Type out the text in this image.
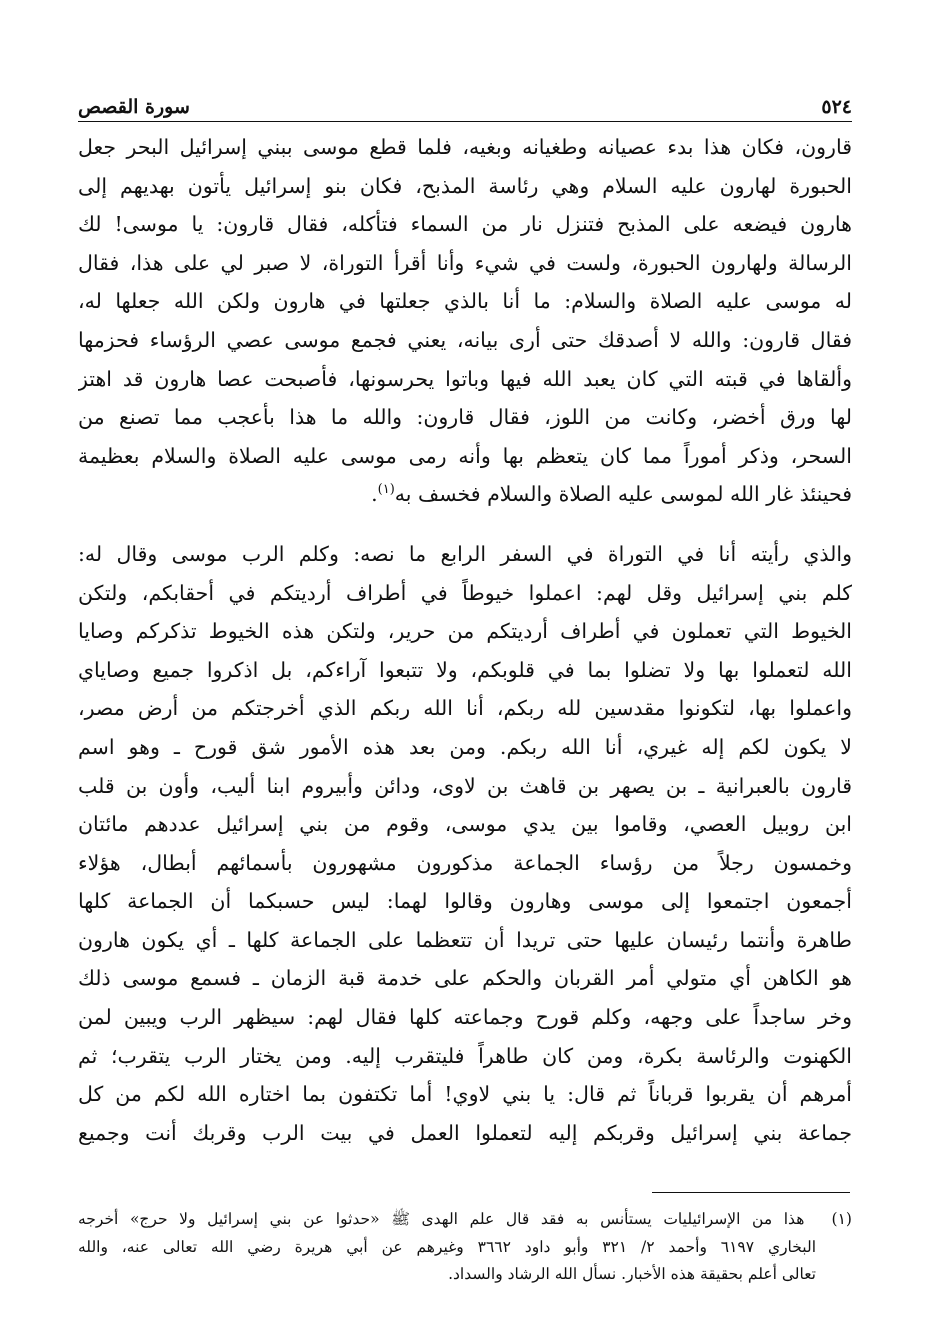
٥٢٤
سورة القصص
قارون، فكان هذا بدء عصيانه وطغيانه وبغيه، فلما قطع موسى ببني إسرائيل البحر جعل
الحبورة لهارون عليه السلام وهي رئاسة المذبح، فكان بنو إسرائيل يأتون بهديهم إلى
هارون فيضعه على المذبح فتنزل نار من السماء فتأكله، فقال قارون: يا موسى! لك
الرسالة ولهارون الحبورة، ولست في شيء وأنا أقرأ التوراة، لا صبر لي على هذا، فقال
له موسى عليه الصلاة والسلام: ما أنا بالذي جعلتها في هارون ولكن الله جعلها له،
فقال قارون: والله لا أصدقك حتى أرى بيانه، يعني فجمع موسى عصي الرؤساء فحزمها
وألقاها في قبته التي كان يعبد الله فيها وباتوا يحرسونها، فأصبحت عصا هارون قد اهتز
لها ورق أخضر، وكانت من اللوز، فقال قارون: والله ما هذا بأعجب مما تصنع من
السحر، وذكر أموراً مما كان يتعظم بها وأنه رمى موسى عليه الصلاة والسلام بعظيمة
فحينئذ غار الله لموسى عليه الصلاة والسلام فخسف به$^{(١)}$.
والذي رأيته أنا في التوراة في السفر الرابع ما نصه: وكلم الرب موسى وقال له:
كلم بني إسرائيل وقل لهم: اعملوا خيوطاً في أطراف أرديتكم في أحقابكم، ولتكن
الخيوط التي تعملون في أطراف أرديتكم من حرير، ولتكن هذه الخيوط تذكركم وصايا
الله لتعملوا بها ولا تضلوا بما في قلوبكم، ولا تتبعوا آراءكم، بل اذكروا جميع وصاياي
واعملوا بها، لتكونوا مقدسين لله ربكم، أنا الله ربكم الذي أخرجتكم من أرض مصر،
لا يكون لكم إله غيري، أنا الله ربكم. ومن بعد هذه الأمور شق قورح ـ وهو اسم
قارون بالعبرانية ـ بن يصهر بن قاهث بن لاوى، ودائن وأبيروم ابنا أليب، وأون بن قلب
ابن روبيل العصي، وقاموا بين يدي موسى، وقوم من بني إسرائيل عددهم مائتان
وخمسون رجلاً من رؤساء الجماعة مذكورون مشهورون بأسمائهم أبطال، هؤلاء
أجمعون اجتمعوا إلى موسى وهارون وقالوا لهما: ليس حسبكما أن الجماعة كلها
طاهرة وأنتما رئيسان عليها حتى تريدا أن تتعظما على الجماعة كلها ـ أي يكون هارون
هو الكاهن أي متولي أمر القربان والحكم على خدمة قبة الزمان ـ فسمع موسى ذلك
وخر ساجداً على وجهه، وكلم قورح وجماعته كلها فقال لهم: سيظهر الرب ويبين لمن
الكهنوت والرئاسة بكرة، ومن كان طاهراً فليتقرب إليه. ومن يختار الرب يتقرب؛ ثم
أمرهم أن يقربوا قرباناً ثم قال: يا بني لاوي! أما تكتفون بما اختاره الله لكم من كل
جماعة بني إسرائيل وقربكم إليه لتعملوا العمل في بيت الرب وقربك أنت وجميع
(١) هذا من الإسرائيليات يستأنس به فقد قال علم الهدى ﷺ «حدثوا عن بني إسرائيل ولا حرج» أخرجه
البخاري ٦١٩٧ وأحمد ٢/ ٣٢١ وأبو داود ٣٦٦٢ وغيرهم عن أبي هريرة رضي الله تعالى عنه، والله
تعالى أعلم بحقيقة هذه الأخبار. نسأل الله الرشاد والسداد.
